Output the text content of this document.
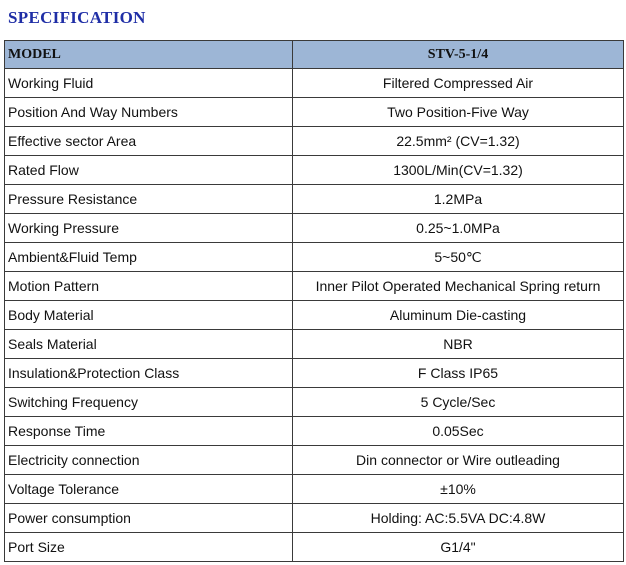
SPECIFICATION
MODEL	STV-5-1/4
Working Fluid	Filtered Compressed Air
Position And Way Numbers	Two Position-Five Way
Effective sector Area	22.5mm² (CV=1.32)
Rated Flow	1300L/Min(CV=1.32)
Pressure Resistance	1.2MPa
Working Pressure	0.25~1.0MPa
Ambient&Fluid Temp	5~50℃
Motion Pattern	Inner Pilot Operated Mechanical Spring return
Body Material	Aluminum Die-casting
Seals Material	NBR
Insulation&Protection Class	F Class IP65
Switching Frequency	5 Cycle/Sec
Response Time	0.05Sec
Electricity connection	Din connector or Wire outleading
Voltage Tolerance	±10%
Power consumption	Holding: AC:5.5VA DC:4.8W
Port Size	G1/4"
